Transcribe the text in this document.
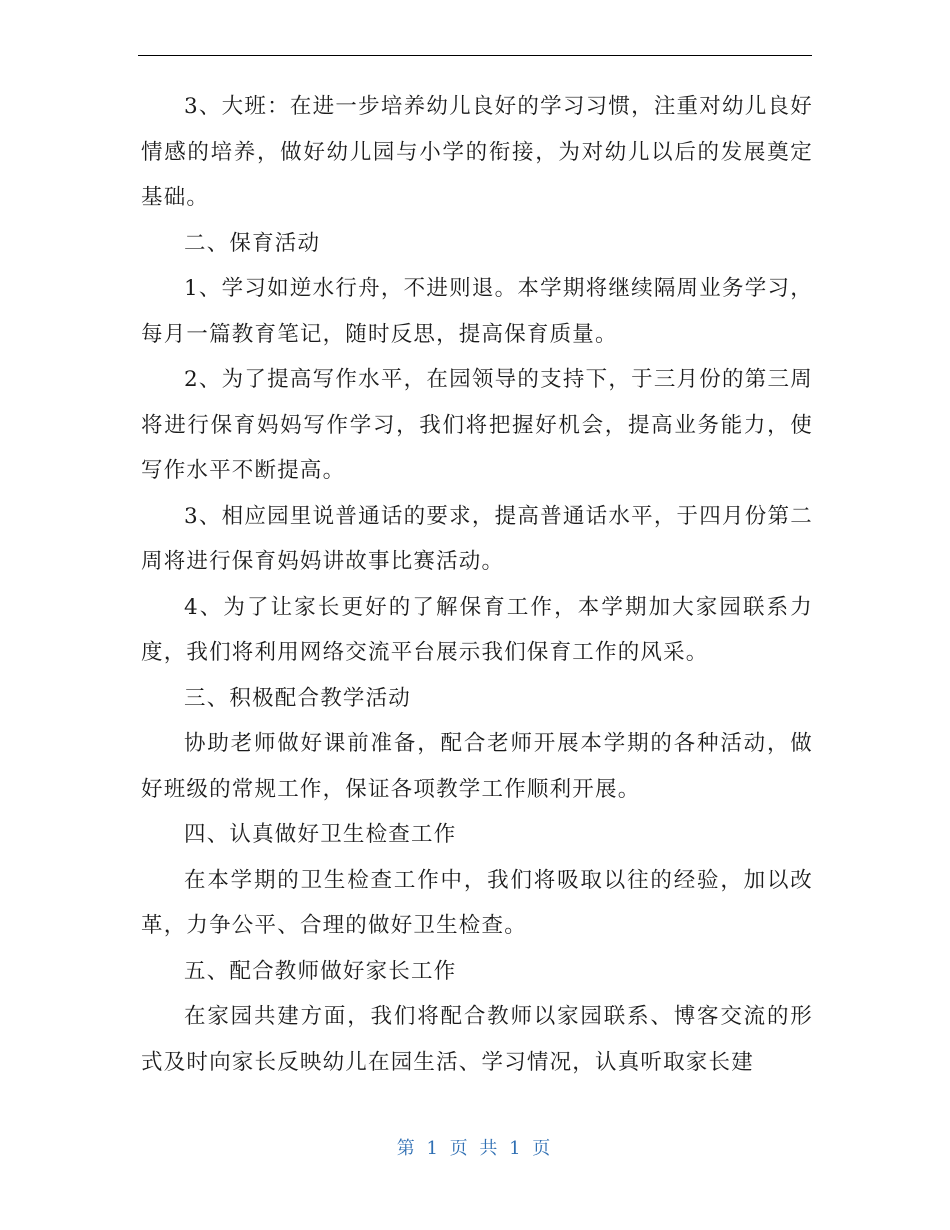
3、大班：在进一步培养幼儿良好的学习习惯，注重对幼儿良好情感的培养，做好幼儿园与小学的衔接，为对幼儿以后的发展奠定基础。

二、保育活动

1、学习如逆水行舟，不进则退。本学期将继续隔周业务学习，每月一篇教育笔记，随时反思，提高保育质量。

2、为了提高写作水平，在园领导的支持下，于三月份的第三周将进行保育妈妈写作学习，我们将把握好机会，提高业务能力，使写作水平不断提高。

3、相应园里说普通话的要求，提高普通话水平，于四月份第二周将进行保育妈妈讲故事比赛活动。

4、为了让家长更好的了解保育工作，本学期加大家园联系力度，我们将利用网络交流平台展示我们保育工作的风采。

三、积极配合教学活动

协助老师做好课前准备，配合老师开展本学期的各种活动，做好班级的常规工作，保证各项教学工作顺利开展。

四、认真做好卫生检查工作

在本学期的卫生检查工作中，我们将吸取以往的经验，加以改革，力争公平、合理的做好卫生检查。

五、配合教师做好家长工作

在家园共建方面，我们将配合教师以家园联系、博客交流的形式及时向家长反映幼儿在园生活、学习情况，认真听取家长建

第 1 页 共 1 页
